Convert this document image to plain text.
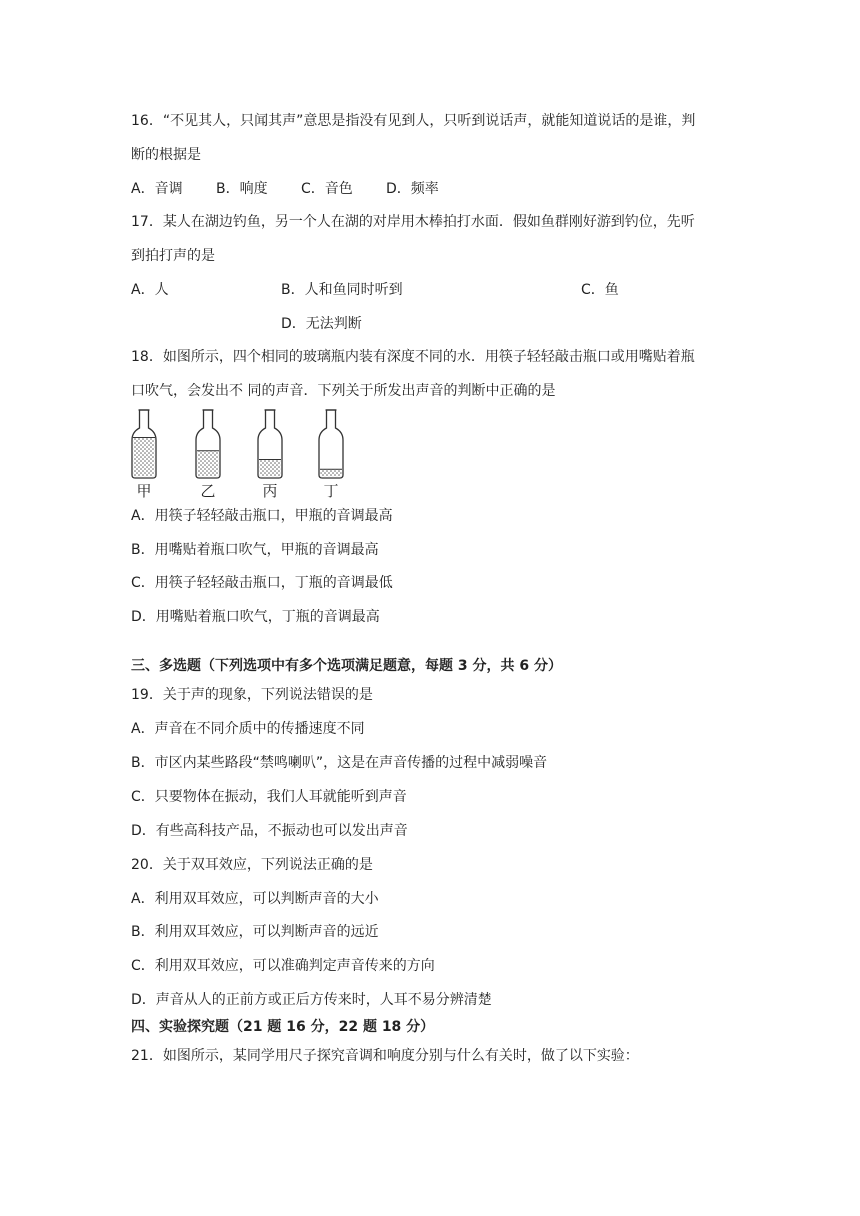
16．“不见其人，只闻其声”意思是指没有见到人，只听到说话声，就能知道说话的是谁，判
断的根据是
A．音调 B．响度 C．音色 D．频率
17．某人在湖边钓鱼，另一个人在湖的对岸用木棒拍打水面．假如鱼群刚好游到钓位，先听
到拍打声的是
A．人	B．人和鱼同时听到	C．鱼
D．无法判断
18．如图所示，四个相同的玻璃瓶内装有深度不同的水．用筷子轻轻敲击瓶口或用嘴贴着瓶
口吹气，会发出不 同的声音．下列关于所发出声音的判断中正确的是
甲	乙	丙	丁
A．用筷子轻轻敲击瓶口，甲瓶的音调最高
B．用嘴贴着瓶口吹气，甲瓶的音调最高
C．用筷子轻轻敲击瓶口，丁瓶的音调最低
D．用嘴贴着瓶口吹气，丁瓶的音调最高
三、多选题（下列选项中有多个选项满足题意，每题 3 分，共 6 分）
19．关于声的现象，下列说法错误的是
A．声音在不同介质中的传播速度不同
B．市区内某些路段“禁鸣喇叭”，这是在声音传播的过程中减弱噪音
C．只要物体在振动，我们人耳就能听到声音
D．有些高科技产品，不振动也可以发出声音
20．关于双耳效应，下列说法正确的是
A．利用双耳效应，可以判断声音的大小
B．利用双耳效应，可以判断声音的远近
C．利用双耳效应，可以准确判定声音传来的方向
D．声音从人的正前方或正后方传来时，人耳不易分辨清楚
四、实验探究题（21 题 16 分，22 题 18 分）
21．如图所示，某同学用尺子探究音调和响度分别与什么有关时，做了以下实验：
